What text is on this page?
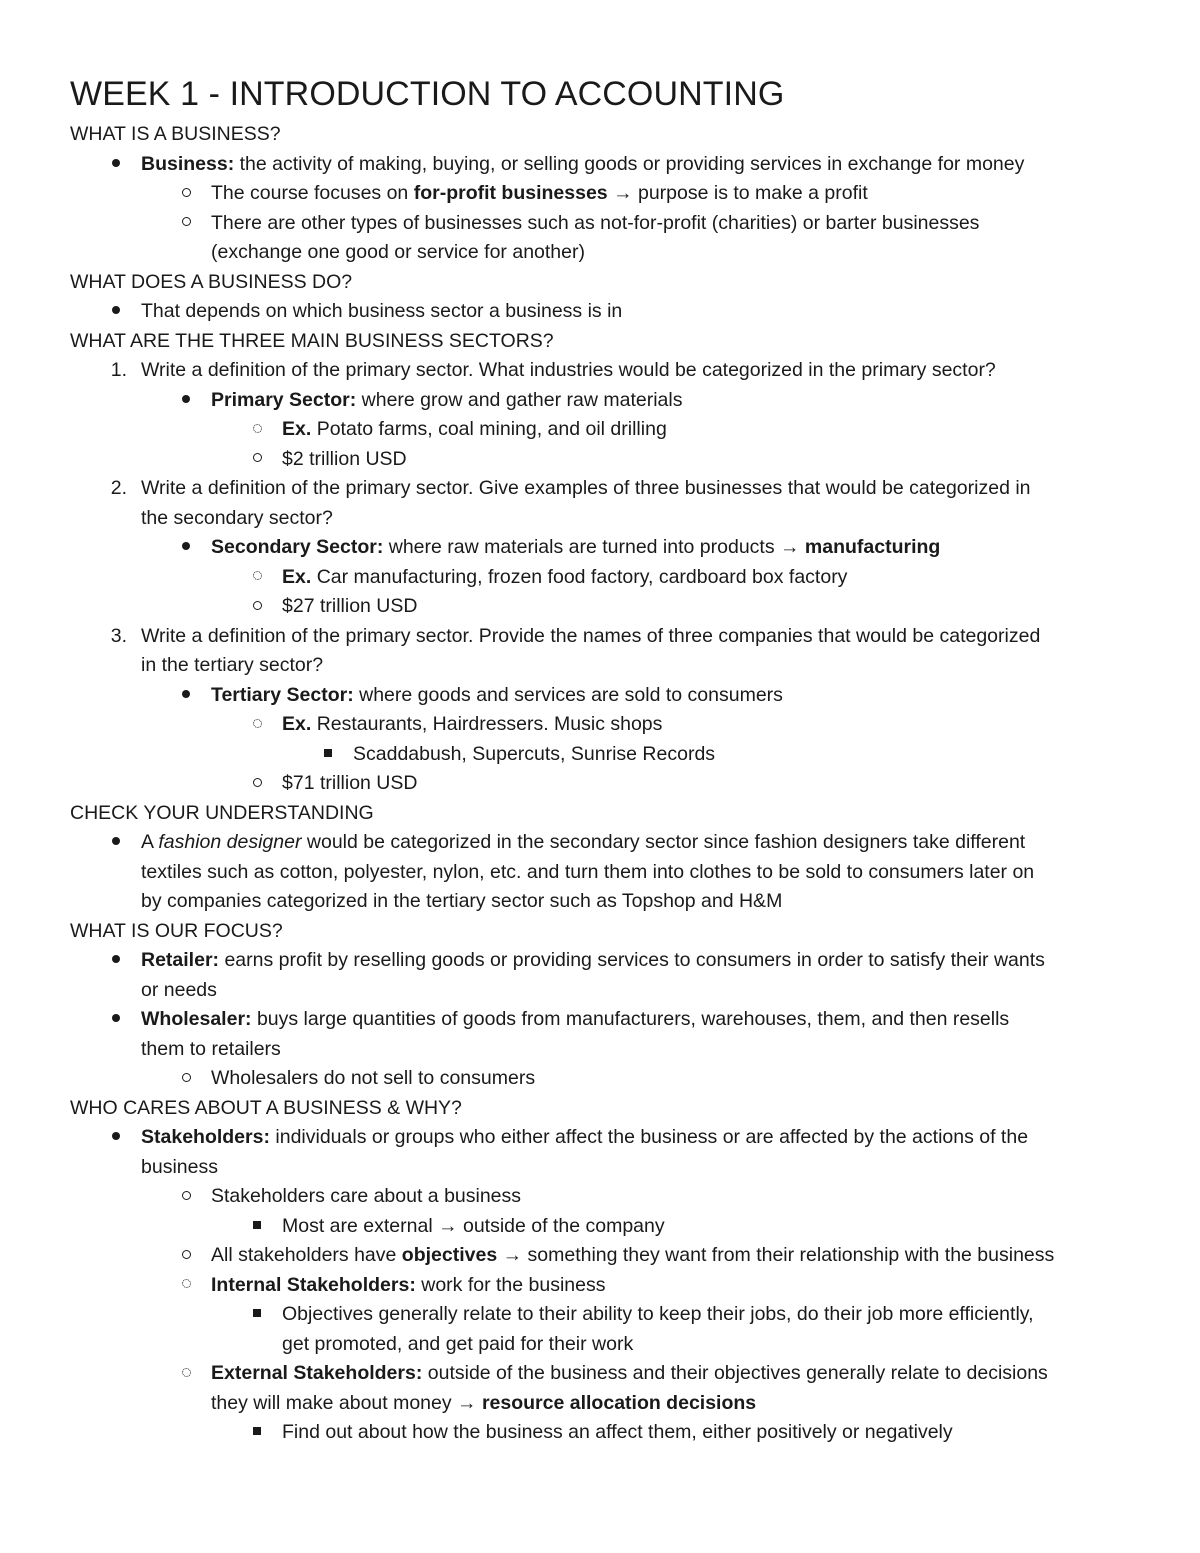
WEEK 1 - INTRODUCTION TO ACCOUNTING
WHAT IS A BUSINESS?
Business: the activity of making, buying, or selling goods or providing services in exchange for money
The course focuses on for-profit businesses → purpose is to make a profit
There are other types of businesses such as not-for-profit (charities) or barter businesses
(exchange one good or service for another)
WHAT DOES A BUSINESS DO?
That depends on which business sector a business is in
WHAT ARE THE THREE MAIN BUSINESS SECTORS?
1. Write a definition of the primary sector. What industries would be categorized in the primary sector?
Primary Sector: where grow and gather raw materials
Ex. Potato farms, coal mining, and oil drilling
$2 trillion USD
2. Write a definition of the primary sector. Give examples of three businesses that would be categorized in
the secondary sector?
Secondary Sector: where raw materials are turned into products → manufacturing
Ex. Car manufacturing, frozen food factory, cardboard box factory
$27 trillion USD
3. Write a definition of the primary sector. Provide the names of three companies that would be categorized
in the tertiary sector?
Tertiary Sector: where goods and services are sold to consumers
Ex. Restaurants, Hairdressers. Music shops
Scaddabush, Supercuts, Sunrise Records
$71 trillion USD
CHECK YOUR UNDERSTANDING
A fashion designer would be categorized in the secondary sector since fashion designers take different
textiles such as cotton, polyester, nylon, etc. and turn them into clothes to be sold to consumers later on
by companies categorized in the tertiary sector such as Topshop and H&M
WHAT IS OUR FOCUS?
Retailer: earns profit by reselling goods or providing services to consumers in order to satisfy their wants
or needs
Wholesaler: buys large quantities of goods from manufacturers, warehouses, them, and then resells
them to retailers
Wholesalers do not sell to consumers
WHO CARES ABOUT A BUSINESS & WHY?
Stakeholders: individuals or groups who either affect the business or are affected by the actions of the
business
Stakeholders care about a business
Most are external → outside of the company
All stakeholders have objectives → something they want from their relationship with the business
Internal Stakeholders: work for the business
Objectives generally relate to their ability to keep their jobs, do their job more efficiently,
get promoted, and get paid for their work
External Stakeholders: outside of the business and their objectives generally relate to decisions
they will make about money → resource allocation decisions
Find out about how the business an affect them, either positively or negatively
